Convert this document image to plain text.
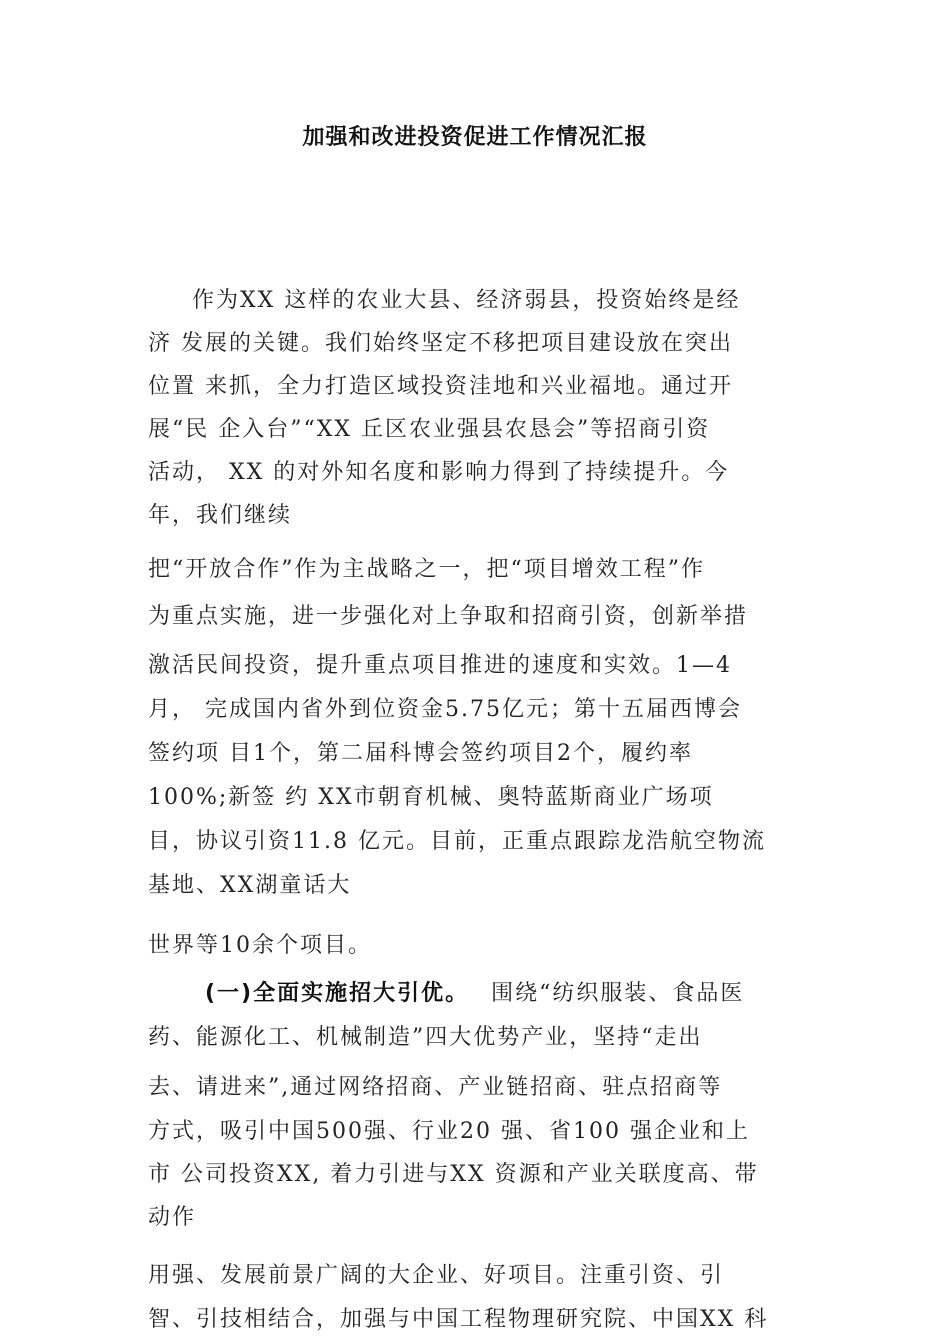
加强和改进投资促进工作情况汇报
　作为XX 这样的农业大县、经济弱县，投资始终是经
济 发展的关键。我们始终坚定不移把项目建设放在突出
位置 来抓，全力打造区域投资洼地和兴业福地。通过开
展“民 企入台”“XX 丘区农业强县农恳会”等招商引资
活动， XX 的对外知名度和影响力得到了持续提升。今
年，我们继续
把“开放合作”作为主战略之一，把“项目增效工程”作
为重点实施，进一步强化对上争取和招商引资，创新举措
激活民间投资，提升重点项目推进的速度和实效。1—4
月， 完成国内省外到位资金5.75亿元；第十五届西博会
签约项 目1个，第二届科博会签约项目2个，履约率
100%;新签 约 XX市朝育机械、奥特蓝斯商业广场项
目，协议引资11.8 亿元。目前，正重点跟踪龙浩航空物流
基地、XX湖童话大
世界等10余个项目。
(一)全面实施招大引优。 围绕“纺织服装、食品医
药、能源化工、机械制造”四大优势产业，坚持“走出
去、请进来”,通过网络招商、产业链招商、驻点招商等
方式，吸引中国500强、行业20 强、省100 强企业和上
市 公司投资XX, 着力引进与XX 资源和产业关联度高、带
动作
用强、发展前景广阔的大企业、好项目。注重引资、引
智、引技相结合，加强与中国工程物理研究院、中国XX 科
